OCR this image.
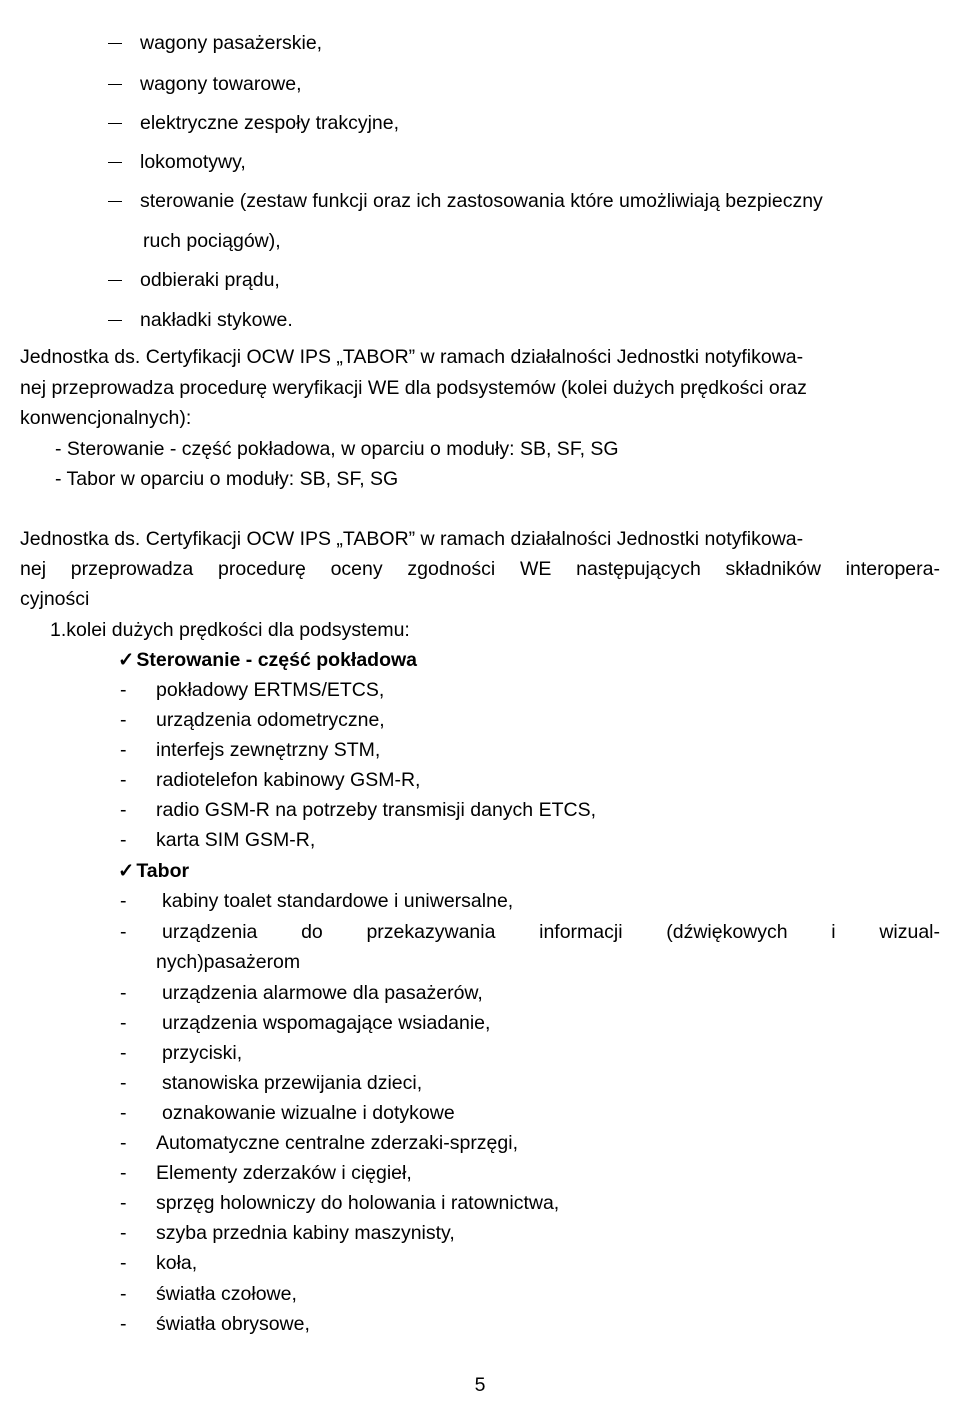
wagony pasażerskie,
wagony towarowe,
elektryczne zespoły trakcyjne,
lokomotywy,
sterowanie (zestaw funkcji oraz ich zastosowania które umożliwiają bezpieczny
ruch pociągów),
odbieraki prądu,
nakładki stykowe.
Jednostka ds. Certyfikacji OCW IPS „TABOR” w ramach działalności Jednostki notyfikowa-
nej przeprowadza procedurę weryfikacji WE dla podsystemów (kolei dużych prędkości oraz
konwencjonalnych):
- Sterowanie - część pokładowa, w oparciu o moduły: SB, SF, SG
- Tabor w oparciu o moduły: SB, SF, SG
Jednostka ds. Certyfikacji OCW IPS „TABOR” w ramach działalności Jednostki notyfikowa-
nej przeprowadza procedurę oceny zgodności WE następujących składników interopera-
cyjności
1.kolei dużych prędkości dla podsystemu:
✓ Sterowanie - część pokładowa
- pokładowy ERTMS/ETCS,
- urządzenia odometryczne,
- interfejs zewnętrzny STM,
- radiotelefon kabinowy GSM-R,
- radio GSM-R na potrzeby transmisji danych ETCS,
- karta SIM GSM-R,
✓ Tabor
- kabiny toalet standardowe i uniwersalne,
- urządzenia do przekazywania informacji (dźwiękowych i wizual-
nych)pasażerom
- urządzenia alarmowe dla pasażerów,
- urządzenia wspomagające wsiadanie,
- przyciski,
- stanowiska przewijania dzieci,
- oznakowanie wizualne i dotykowe
- Automatyczne centralne zderzaki-sprzęgi,
- Elementy zderzaków i cięgieł,
- sprzęg holowniczy do holowania i ratownictwa,
- szyba przednia kabiny maszynisty,
- koła,
- światła czołowe,
- światła obrysowe,
5
